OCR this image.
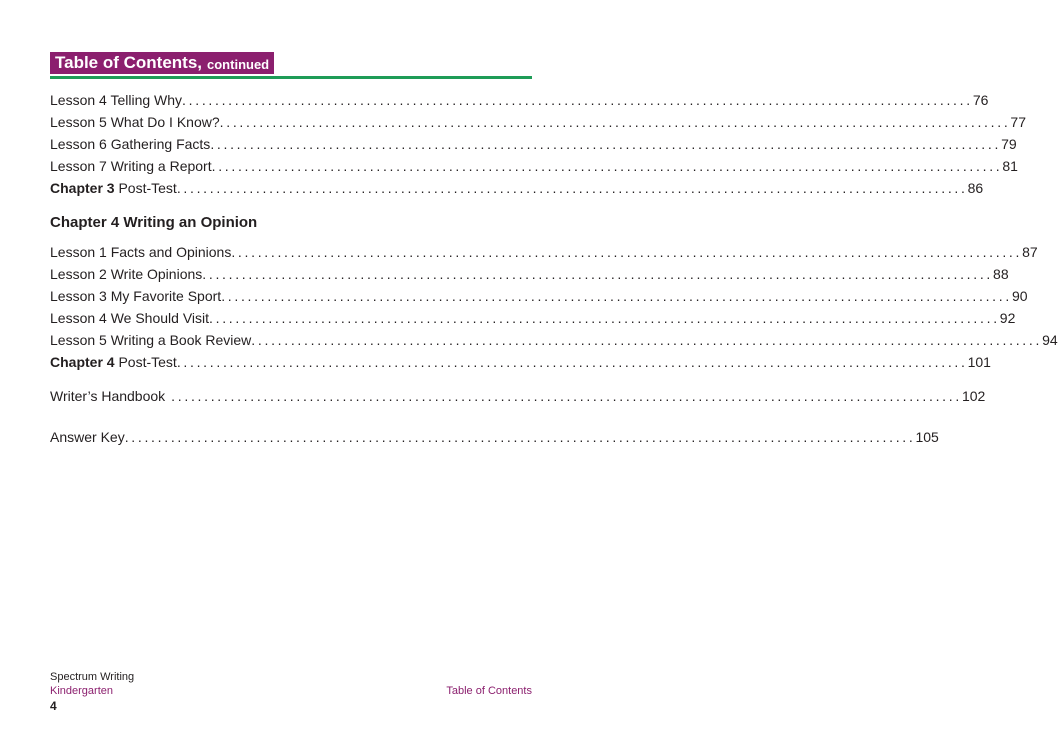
Table of Contents, continued
Lesson 4 Telling Why ........................................................................................................................ 76
Lesson 5 What Do I Know? ........................................................................................................................ 77
Lesson 6 Gathering Facts ........................................................................................................................ 79
Lesson 7 Writing a Report ........................................................................................................................ 81
Chapter 3 Post-Test ........................................................................................................................ 86
Chapter 4 Writing an Opinion
Lesson 1 Facts and Opinions ........................................................................................................................ 87
Lesson 2 Write Opinions ........................................................................................................................ 88
Lesson 3 My Favorite Sport ........................................................................................................................ 90
Lesson 4 We Should Visit ........................................................................................................................ 92
Lesson 5 Writing a Book Review ........................................................................................................................ 94
Chapter 4 Post-Test ........................................................................................................................ 101
Writer’s Handbook ........................................................................................................................ 102
Answer Key ........................................................................................................................ 105
Spectrum Writing
Kindergarten	Table of Contents
4
